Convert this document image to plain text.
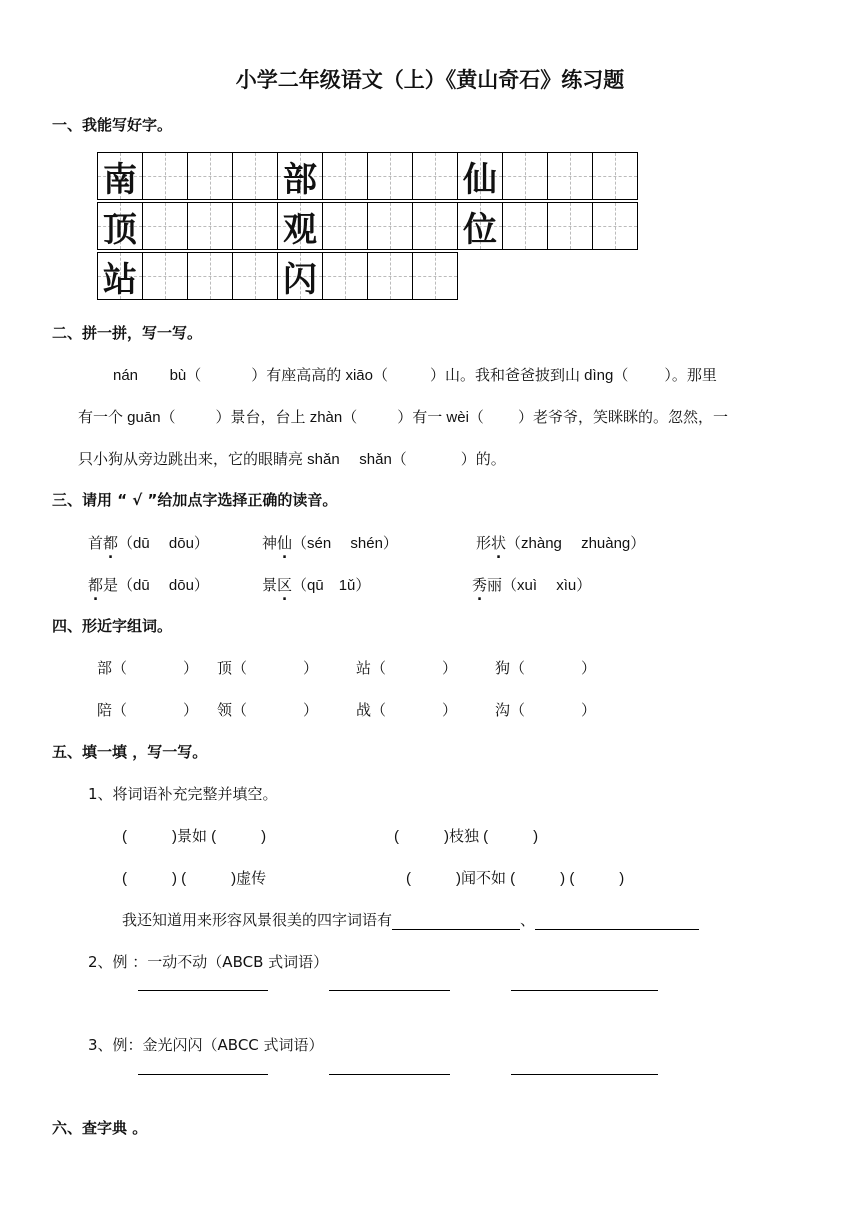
小学二年级语文（上）《黄山奇石》练习题
一、我能写好字。
南	部	仙
顶	观	位
站	闪
二、拼一拼，写一写。
nán bù（	）有座高高的 xiāo（	）山。我和爸爸披到山 dìng（ ）。那里
有一个 guān（	）景台，台上 zhàn（	）有一 wèi（ ）老爷爷，笑眯眯的。忽然，一
只小狗从旁边跳出来，它的眼睛亮 shǎn shǎn（	）的。
三、请用 “ √ ”给加点字选择正确的读音。
首都（dū　 dōu）	神仙（sén　 shén）	形状（zhàng　 zhuàng）
都是（dū　 dōu）	景区（qū　1ǔ）	秀丽（xuì　 xìu）
四、形近字组词。
部（	） 顶（	）	站（	）	狗（	）
陪（	） 领（	）	战（	）	沟（	）
五、填一填 ，写一写。
1、将词语补充完整并填空。
(　　　)景如 (　　　)	(　　　)枝独 (　　　)
(　　　) (　　　)虚传	(　　　)闻不如 (　　　) (　　　)
我还知道用来形容风景很美的四字词语有	、
2、例 ：一动不动（ABCB 式词语）
3、例：金光闪闪（ABCC 式词语）
六、查字典 。
